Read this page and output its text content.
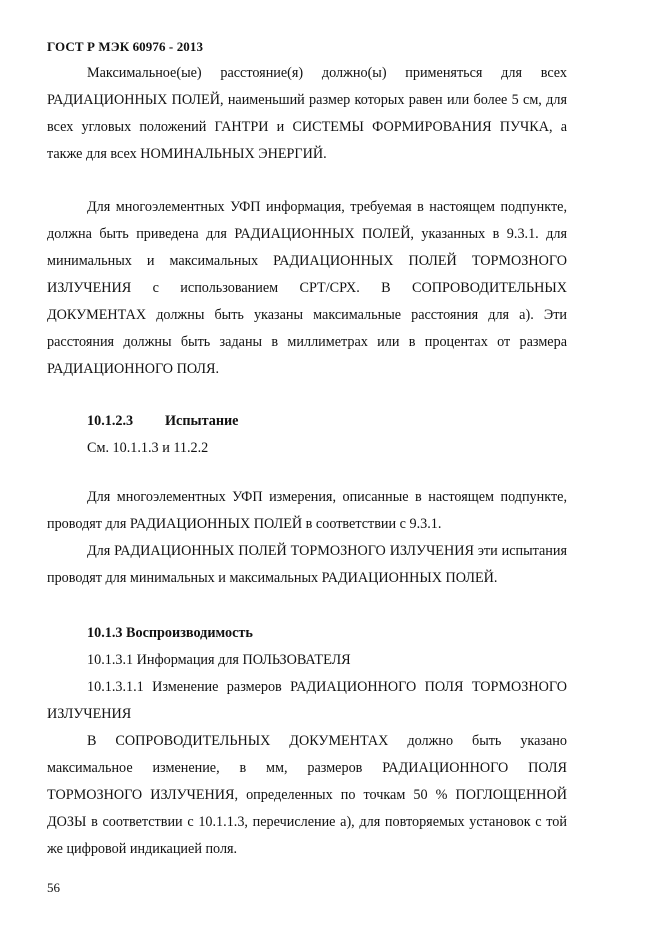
ГОСТ Р МЭК 60976 - 2013

Максимальное(ые) расстояние(я) должно(ы) применяться для всех РАДИАЦИОННЫХ ПОЛЕЙ, наименьший размер которых равен или более 5 см, для всех угловых положений ГАНТРИ и СИСТЕМЫ ФОРМИРОВАНИЯ ПУЧКА, а также для всех НОМИНАЛЬНЫХ ЭНЕРГИЙ.

Для многоэлементных УФП информация, требуемая в настоящем подпункте, должна быть приведена для РАДИАЦИОННЫХ ПОЛЕЙ, указанных в 9.3.1. для минимальных и максимальных РАДИАЦИОННЫХ ПОЛЕЙ ТОРМОЗНОГО ИЗЛУЧЕНИЯ с использованием СРТ/СРХ. В СОПРОВОДИТЕЛЬНЫХ ДОКУМЕНТАХ должны быть указаны максимальные расстояния для а). Эти расстояния должны быть заданы в миллиметрах или в процентах от размера РАДИАЦИОННОГО ПОЛЯ.

10.1.2.3 Испытание
См. 10.1.1.3 и 11.2.2

Для многоэлементных УФП измерения, описанные в настоящем подпункте, проводят для РАДИАЦИОННЫХ ПОЛЕЙ в соответствии с 9.3.1.

Для РАДИАЦИОННЫХ ПОЛЕЙ ТОРМОЗНОГО ИЗЛУЧЕНИЯ эти испытания проводят для минимальных и максимальных РАДИАЦИОННЫХ ПОЛЕЙ.

10.1.3 Воспроизводимость
10.1.3.1 Информация для ПОЛЬЗОВАТЕЛЯ

10.1.3.1.1 Изменение размеров РАДИАЦИОННОГО ПОЛЯ ТОРМОЗНОГО ИЗЛУЧЕНИЯ

В СОПРОВОДИТЕЛЬНЫХ ДОКУМЕНТАХ должно быть указано максимальное изменение, в мм, размеров РАДИАЦИОННОГО ПОЛЯ ТОРМОЗНОГО ИЗЛУЧЕНИЯ, определенных по точкам 50 % ПОГЛОЩЕННОЙ ДОЗЫ в соответствии с 10.1.1.3, перечисление а), для повторяемых установок с той же цифровой индикацией поля.

56
